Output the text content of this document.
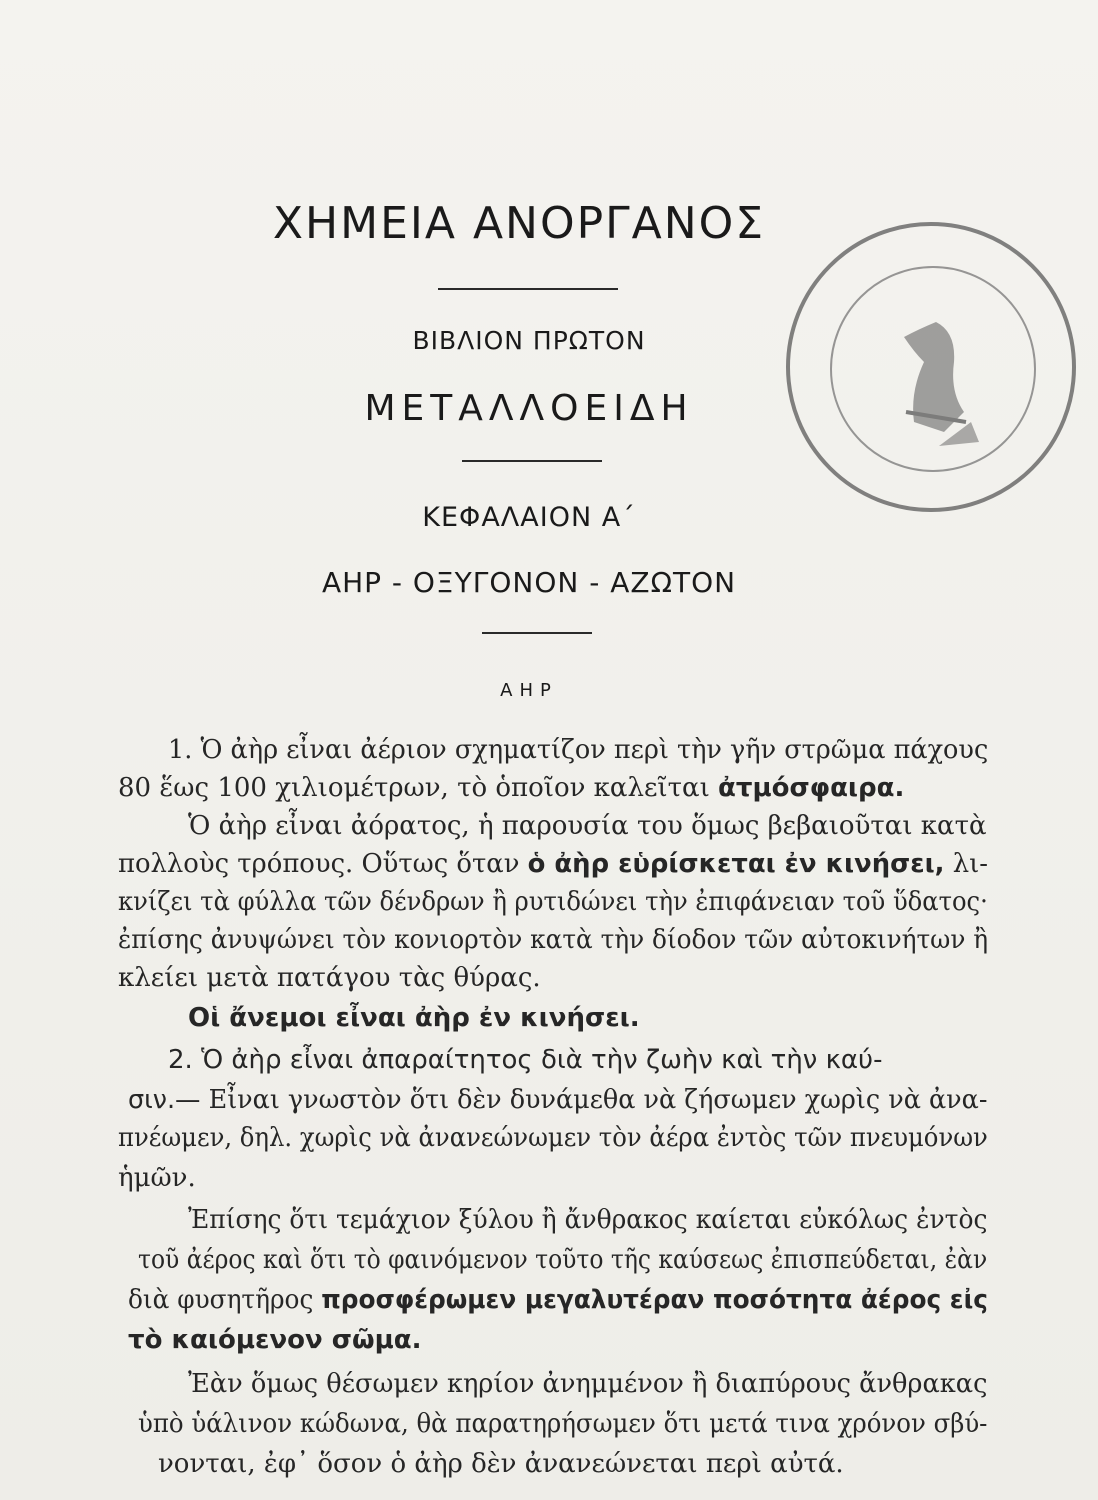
ΧΗΜΕΙΑ ΑΝΟΡΓΑΝΟΣ
ΒΙΒΛΙΟΝ ΠΡΩΤΟΝ
ΜΕΤΑΛΛΟΕΙΔΗ
ΚΕΦΑΛΑΙΟΝ Α΄
ΑΗΡ - ΟΞΥΓΟΝΟΝ - ΑΖΩΤΟΝ
ΑΗΡ
1. Ὁ ἀὴρ εἶναι ἀέριον σχηματίζον περὶ τὴν γῆν στρῶμα πάχους
80 ἕως 100 χιλιομέτρων, τὸ ὁποῖον καλεῖται ἀτμόσφαιρα.
Ὁ ἀὴρ εἶναι ἀόρατος, ἡ παρουσία του ὅμως βεβαιοῦται κατὰ
πολλοὺς τρόπους. Οὕτως ὅταν ὁ ἀὴρ εὑρίσκεται ἐν κινήσει, λι-
κνίζει τὰ φύλλα τῶν δένδρων ἢ ρυτιδώνει τὴν ἐπιφάνειαν τοῦ ὕδατος·
ἐπίσης ἀνυψώνει τὸν κονιορτὸν κατὰ τὴν δίοδον τῶν αὐτοκινήτων ἢ
κλείει μετὰ πατάγου τὰς θύρας.
Οἱ ἄνεμοι εἶναι ἀὴρ ἐν κινήσει.
2. Ὁ ἀὴρ εἶναι ἀπαραίτητος διὰ τὴν ζωὴν καὶ τὴν καύ-
σιν.— Εἶναι γνωστὸν ὅτι δὲν δυνάμεθα νὰ ζήσωμεν χωρὶς νὰ ἀνα-
πνέωμεν, δηλ. χωρὶς νὰ ἀνανεώνωμεν τὸν ἀέρα ἐντὸς τῶν πνευμόνων
ἡμῶν.
Ἐπίσης ὅτι τεμάχιον ξύλου ἢ ἄνθρακος καίεται εὐκόλως ἐντὸς
τοῦ ἀέρος καὶ ὅτι τὸ φαινόμενον τοῦτο τῆς καύσεως ἐπισπεύδεται, ἐὰν
διὰ φυσητῆρος προσφέρωμεν μεγαλυτέραν ποσότητα ἀέρος εἰς
τὸ καιόμενον σῶμα.
Ἐὰν ὅμως θέσωμεν κηρίον ἀνημμένον ἢ διαπύρους ἄνθρακας
ὑπὸ ὑάλινον κώδωνα, θὰ παρατηρήσωμεν ὅτι μετά τινα χρόνον σβύ-
νονται, ἐφ᾽ ὅσον ὁ ἀὴρ δὲν ἀνανεώνεται περὶ αὐτά.
